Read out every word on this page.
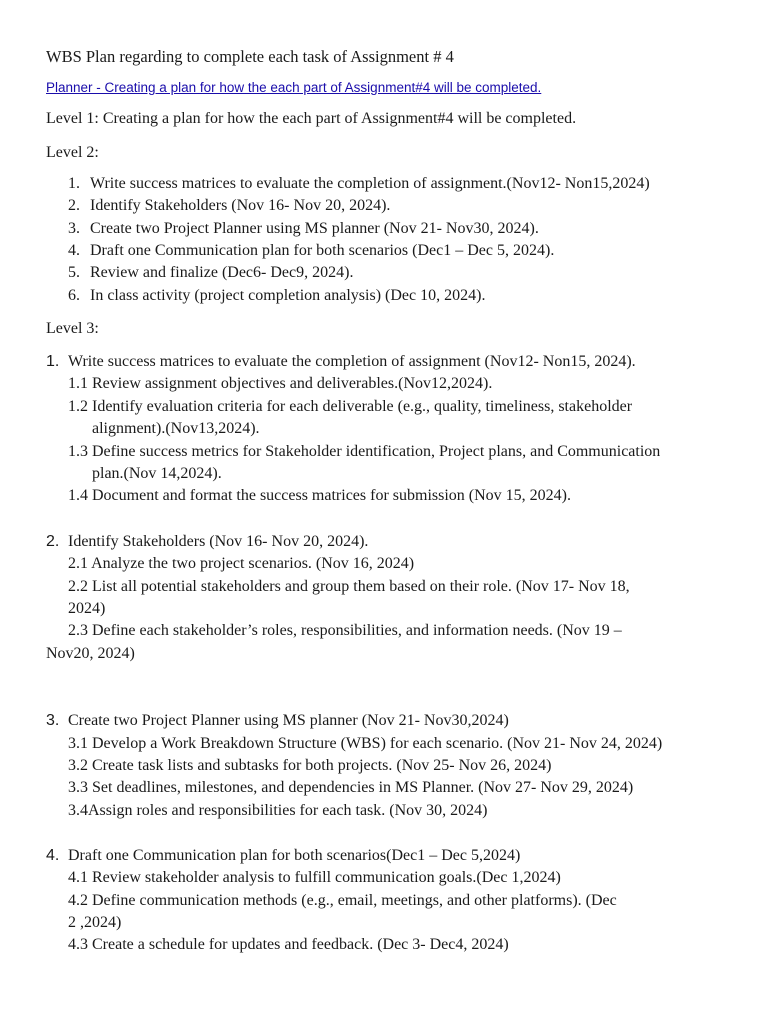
WBS Plan regarding to complete each task of Assignment # 4
Planner - Creating a plan for how the each part of Assignment#4 will be completed.
Level 1: Creating a plan for how the each part of Assignment#4 will be completed.
Level 2:
1. Write success matrices to evaluate the completion of assignment.(Nov12- Non15,2024)
2. Identify Stakeholders (Nov 16- Nov 20, 2024).
3. Create two Project Planner using MS planner (Nov 21- Nov30, 2024).
4. Draft one Communication plan for both scenarios (Dec1 – Dec 5, 2024).
5. Review and finalize (Dec6- Dec9, 2024).
6. In class activity (project completion analysis) (Dec 10, 2024).
Level 3:
1. Write success matrices to evaluate the completion of assignment (Nov12- Non15, 2024).
1.1 Review assignment objectives and deliverables.(Nov12,2024).
1.2 Identify evaluation criteria for each deliverable (e.g., quality, timeliness, stakeholder
alignment).(Nov13,2024).
1.3 Define success metrics for Stakeholder identification, Project plans, and Communication
plan.(Nov 14,2024).
1.4 Document and format the success matrices for submission (Nov 15, 2024).
2. Identify Stakeholders (Nov 16- Nov 20, 2024).
2.1 Analyze the two project scenarios. (Nov 16, 2024)
2.2 List all potential stakeholders and group them based on their role. (Nov 17- Nov 18,
2024)
2.3 Define each stakeholder’s roles, responsibilities, and information needs. (Nov 19 –
Nov20, 2024)
3. Create two Project Planner using MS planner (Nov 21- Nov30,2024)
3.1 Develop a Work Breakdown Structure (WBS) for each scenario. (Nov 21- Nov 24, 2024)
3.2 Create task lists and subtasks for both projects. (Nov 25- Nov 26, 2024)
3.3 Set deadlines, milestones, and dependencies in MS Planner. (Nov 27- Nov 29, 2024)
3.4Assign roles and responsibilities for each task. (Nov 30, 2024)
4. Draft one Communication plan for both scenarios(Dec1 – Dec 5,2024)
4.1 Review stakeholder analysis to fulfill communication goals.(Dec 1,2024)
4.2 Define communication methods (e.g., email, meetings, and other platforms). (Dec
2 ,2024)
4.3 Create a schedule for updates and feedback. (Dec 3- Dec4, 2024)
